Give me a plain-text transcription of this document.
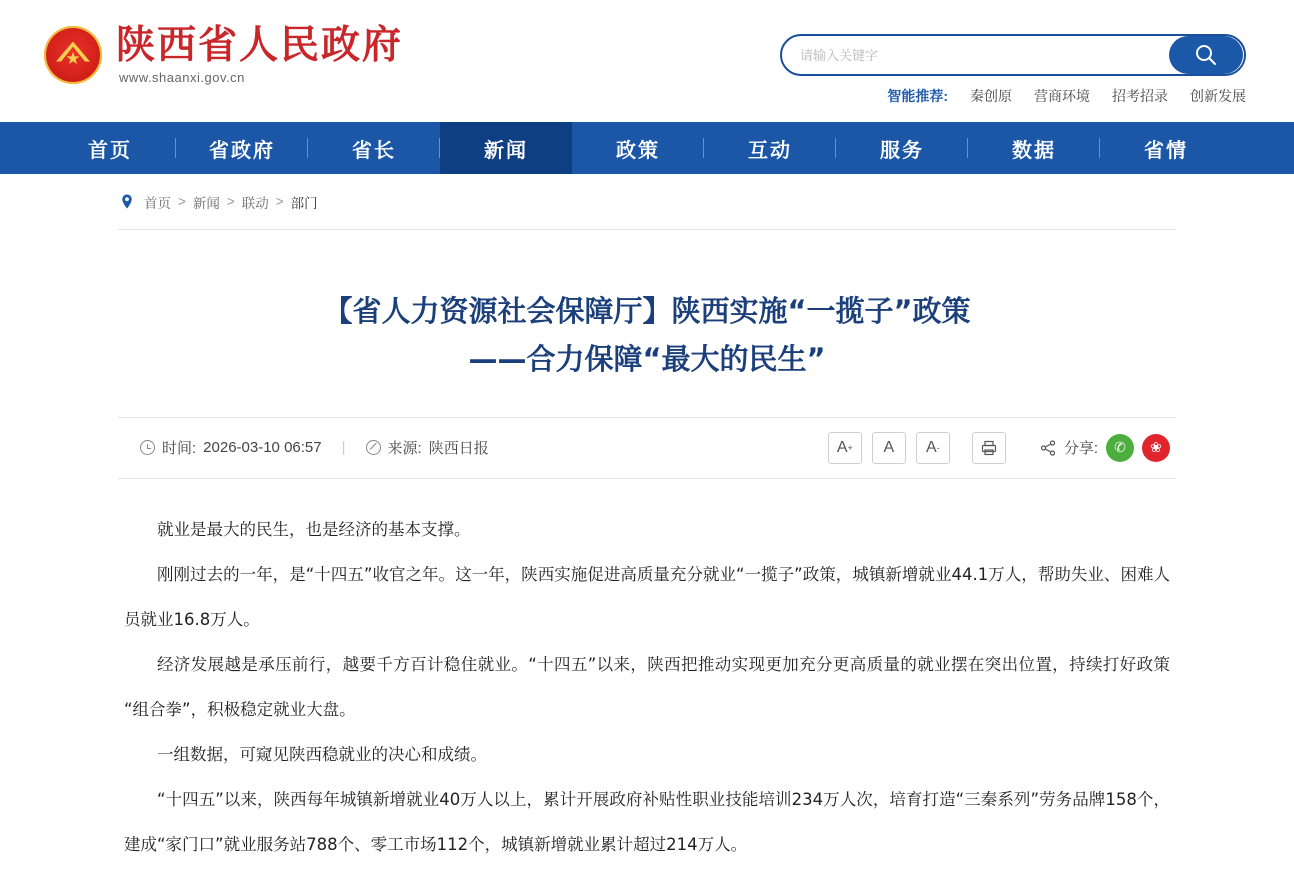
★
陕西省人民政府
www.shaanxi.gov.cn
请输入关键字
智能推荐: 秦创原 营商环境 招考招录 创新发展
首页	省政府	省长	新闻	政策	互动	服务	数据	省情
首页 > 新闻 > 联动 > 部门
【省人力资源社会保障厅】陕西实施“一揽子”政策
——合力保障“最大的民生”
时间: 2026-03-10 06:57 |	来源: 陕西日报	A + A A -	分享:	✆	❀

就业是最大的民生，也是经济的基本支撑。

刚刚过去的一年，是“十四五”收官之年。这一年，陕西实施促进高质量充分就业“一揽子”政策，城镇新增就业44.1万人，帮助失业、困难人员就业16.8万人。

经济发展越是承压前行，越要千方百计稳住就业。“十四五”以来，陕西把推动实现更加充分更高质量的就业摆在突出位置，持续打好政策“组合拳”，积极稳定就业大盘。

一组数据，可窥见陕西稳就业的决心和成绩。

“十四五”以来，陕西每年城镇新增就业40万人以上，累计开展政府补贴性职业技能培训234万人次，培育打造“三秦系列”劳务品牌158个，建成“家门口”就业服务站788个、零工市场112个，城镇新增就业累计超过214万人。
